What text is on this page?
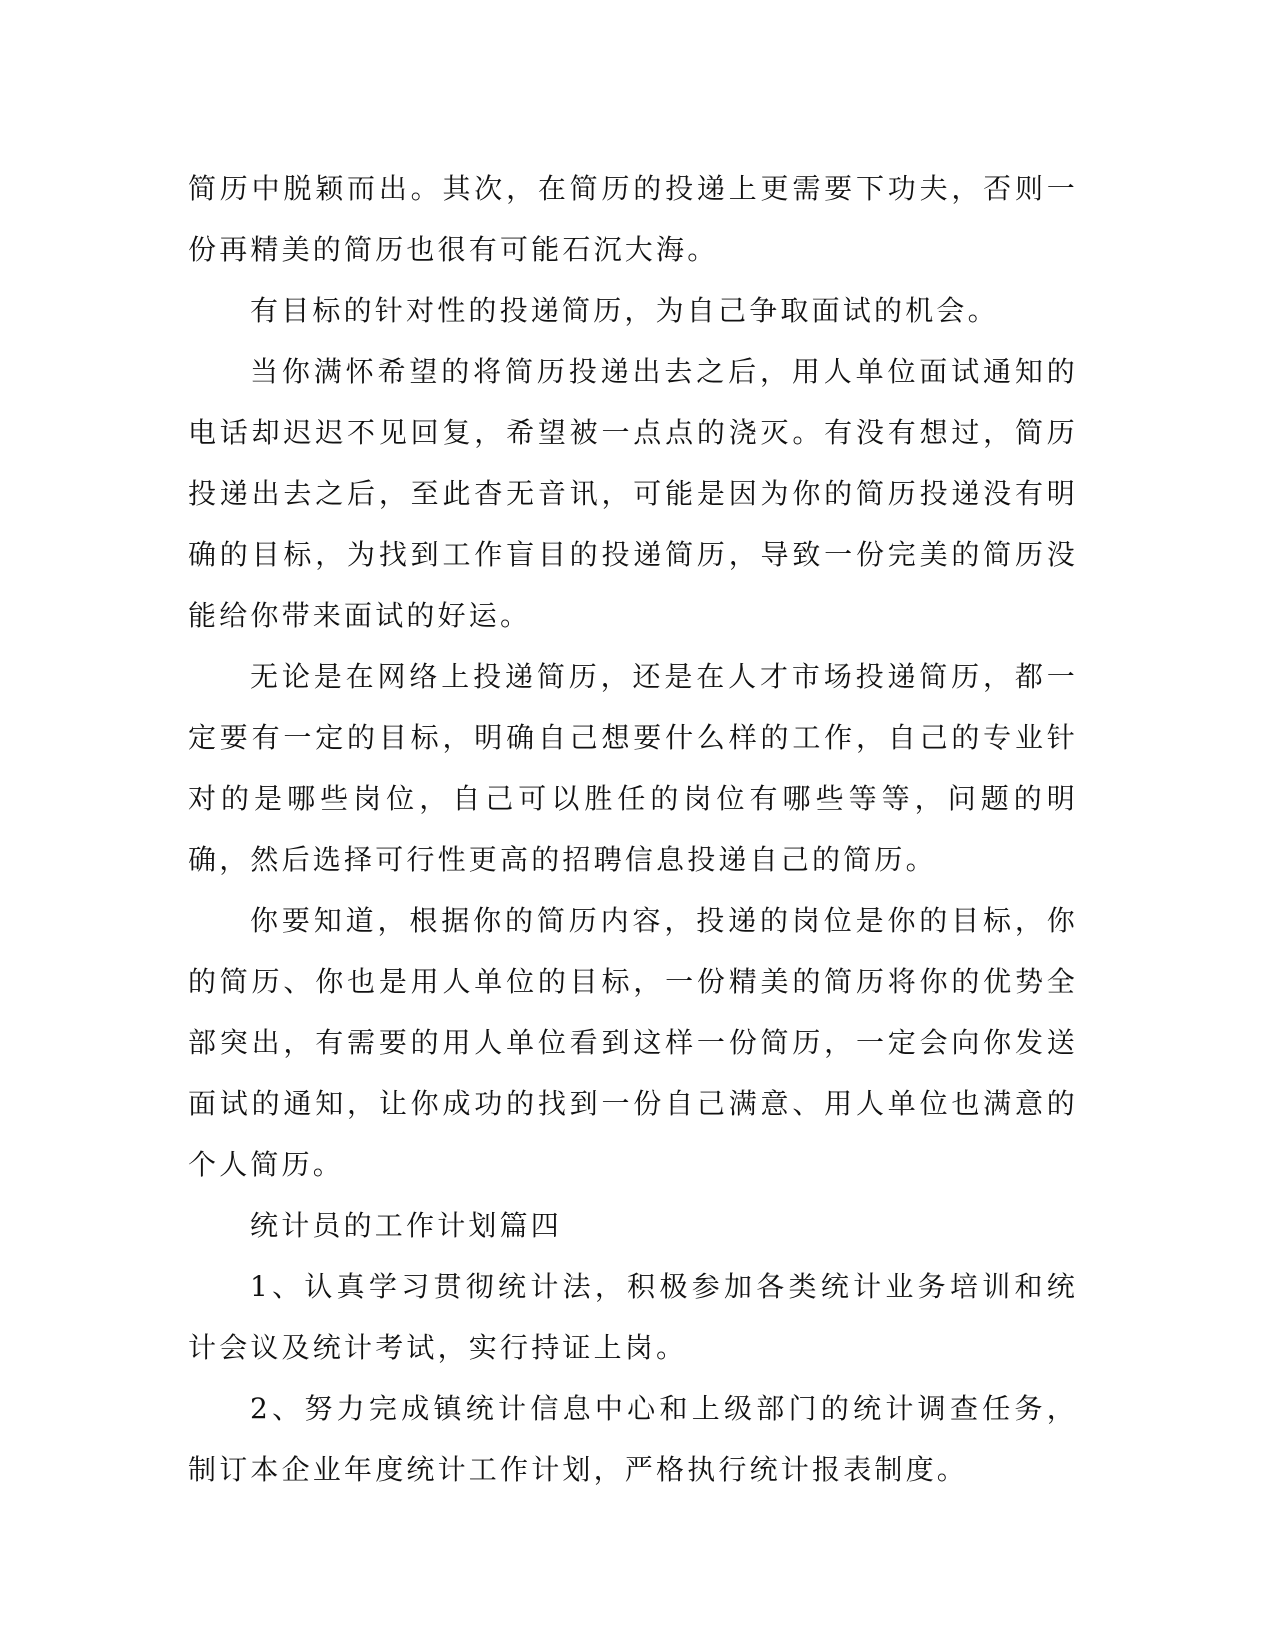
简历中脱颖而出。其次，在简历的投递上更需要下功夫，否则一份再精美的简历也很有可能石沉大海。

有目标的针对性的投递简历，为自己争取面试的机会。

当你满怀希望的将简历投递出去之后，用人单位面试通知的电话却迟迟不见回复，希望被一点点的浇灭。有没有想过，简历投递出去之后，至此杳无音讯，可能是因为你的简历投递没有明确的目标，为找到工作盲目的投递简历，导致一份完美的简历没能给你带来面试的好运。

无论是在网络上投递简历，还是在人才市场投递简历，都一定要有一定的目标，明确自己想要什么样的工作，自己的专业针对的是哪些岗位，自己可以胜任的岗位有哪些等等，问题的明确，然后选择可行性更高的招聘信息投递自己的简历。

你要知道，根据你的简历内容，投递的岗位是你的目标，你的简历、你也是用人单位的目标，一份精美的简历将你的优势全部突出，有需要的用人单位看到这样一份简历，一定会向你发送面试的通知，让你成功的找到一份自己满意、用人单位也满意的个人简历。

统计员的工作计划篇四

1、认真学习贯彻统计法，积极参加各类统计业务培训和统计会议及统计考试，实行持证上岗。

2、努力完成镇统计信息中心和上级部门的统计调查任务，制订本企业年度统计工作计划，严格执行统计报表制度。
